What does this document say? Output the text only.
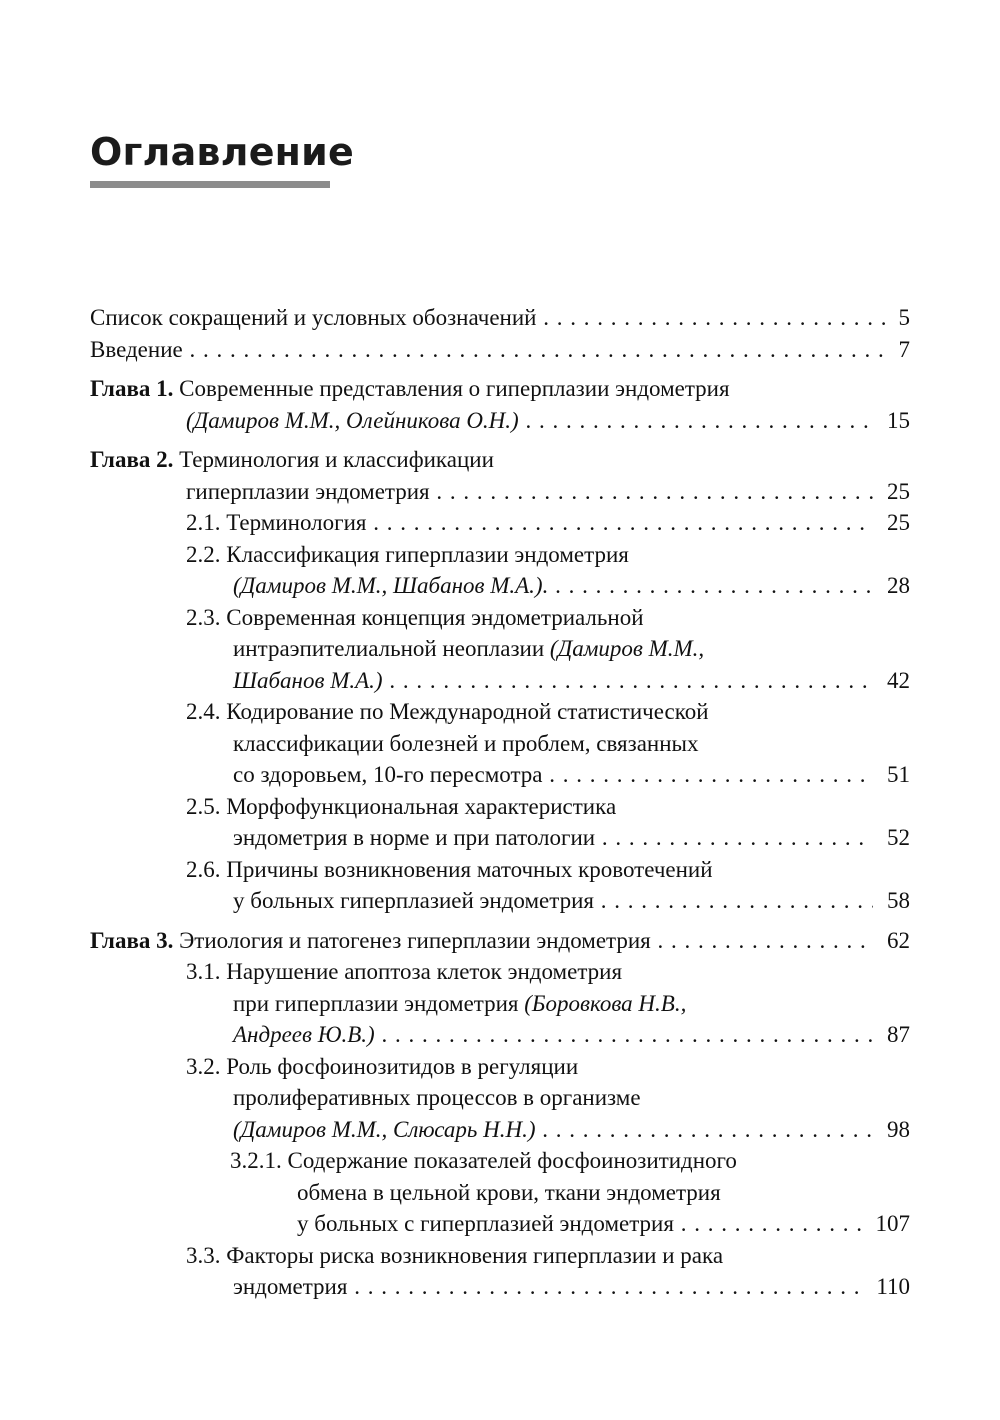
Оглавление
Список сокращений и условных обозначений . . .	5
Введение . . .	7
Глава 1. Современные представления о гиперплазии эндометрия
(Дамиров М.М., Олейникова О.Н.) . . .	15
Глава 2. Терминология и классификации
гиперплазии эндометрия . . .	25
2.1. Терминология . . .	25
2.2. Классификация гиперплазии эндометрия
(Дамиров М.М., Шабанов М.А.). . . .	28
2.3. Современная концепция эндометриальной
интраэпителиальной неоплазии (Дамиров М.М.,
Шабанов М.А.) . . .	42
2.4. Кодирование по Международной статистической
классификации болезней и проблем, связанных
со здоровьем, 10-го пересмотра . . .	51
2.5. Морфофункциональная характеристика
эндометрия в норме и при патологии . . .	52
2.6. Причины возникновения маточных кровотечений
у больных гиперплазией эндометрия . . .	58
Глава 3. Этиология и патогенез гиперплазии эндометрия . . .	62
3.1. Нарушение апоптоза клеток эндометрия
при гиперплазии эндометрия (Боровкова Н.В.,
Андреев Ю.В.) . . .	87
3.2. Роль фосфоинозитидов в регуляции
пролиферативных процессов в организме
(Дамиров М.М., Слюсарь Н.Н.) . . .	98
3.2.1. Содержание показателей фосфоинозитидного
обмена в цельной крови, ткани эндометрия
у больных с гиперплазией эндометрия . . .	107
3.3. Факторы риска возникновения гиперплазии и рака
эндометрия . . .	110
